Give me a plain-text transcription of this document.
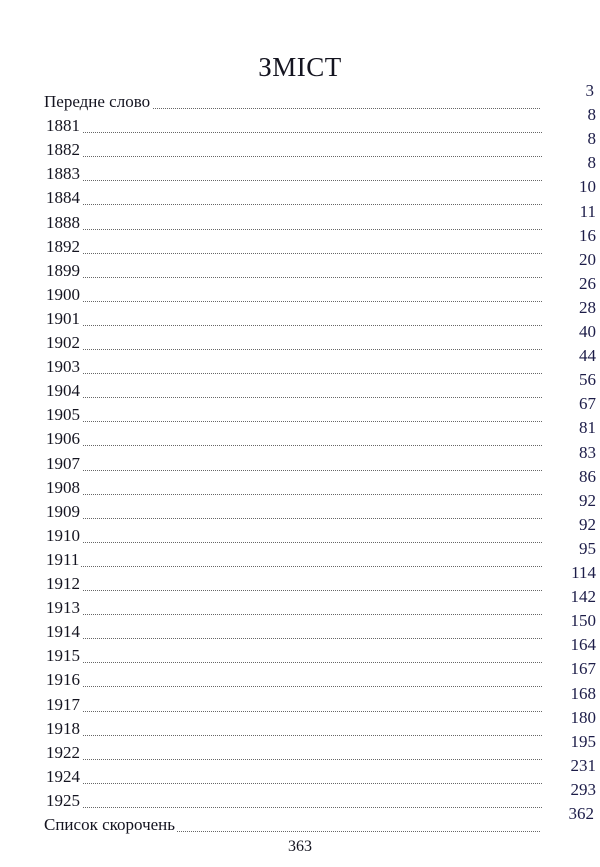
ЗМІСТ
Передне слово
3
1881
8
1882
8
1883
8
1884
10
1888
11
1892
16
1899
20
1900
26
1901
28
1902
40
1903
44
1904
56
1905
67
1906
81
1907
83
1908
86
1909
92
1910
92
1911
95
1912
114
1913
142
1914
150
1915
164
1916
167
1917
168
1918
180
1922
195
1924
231
1925
293
Список скорочень
362
363
